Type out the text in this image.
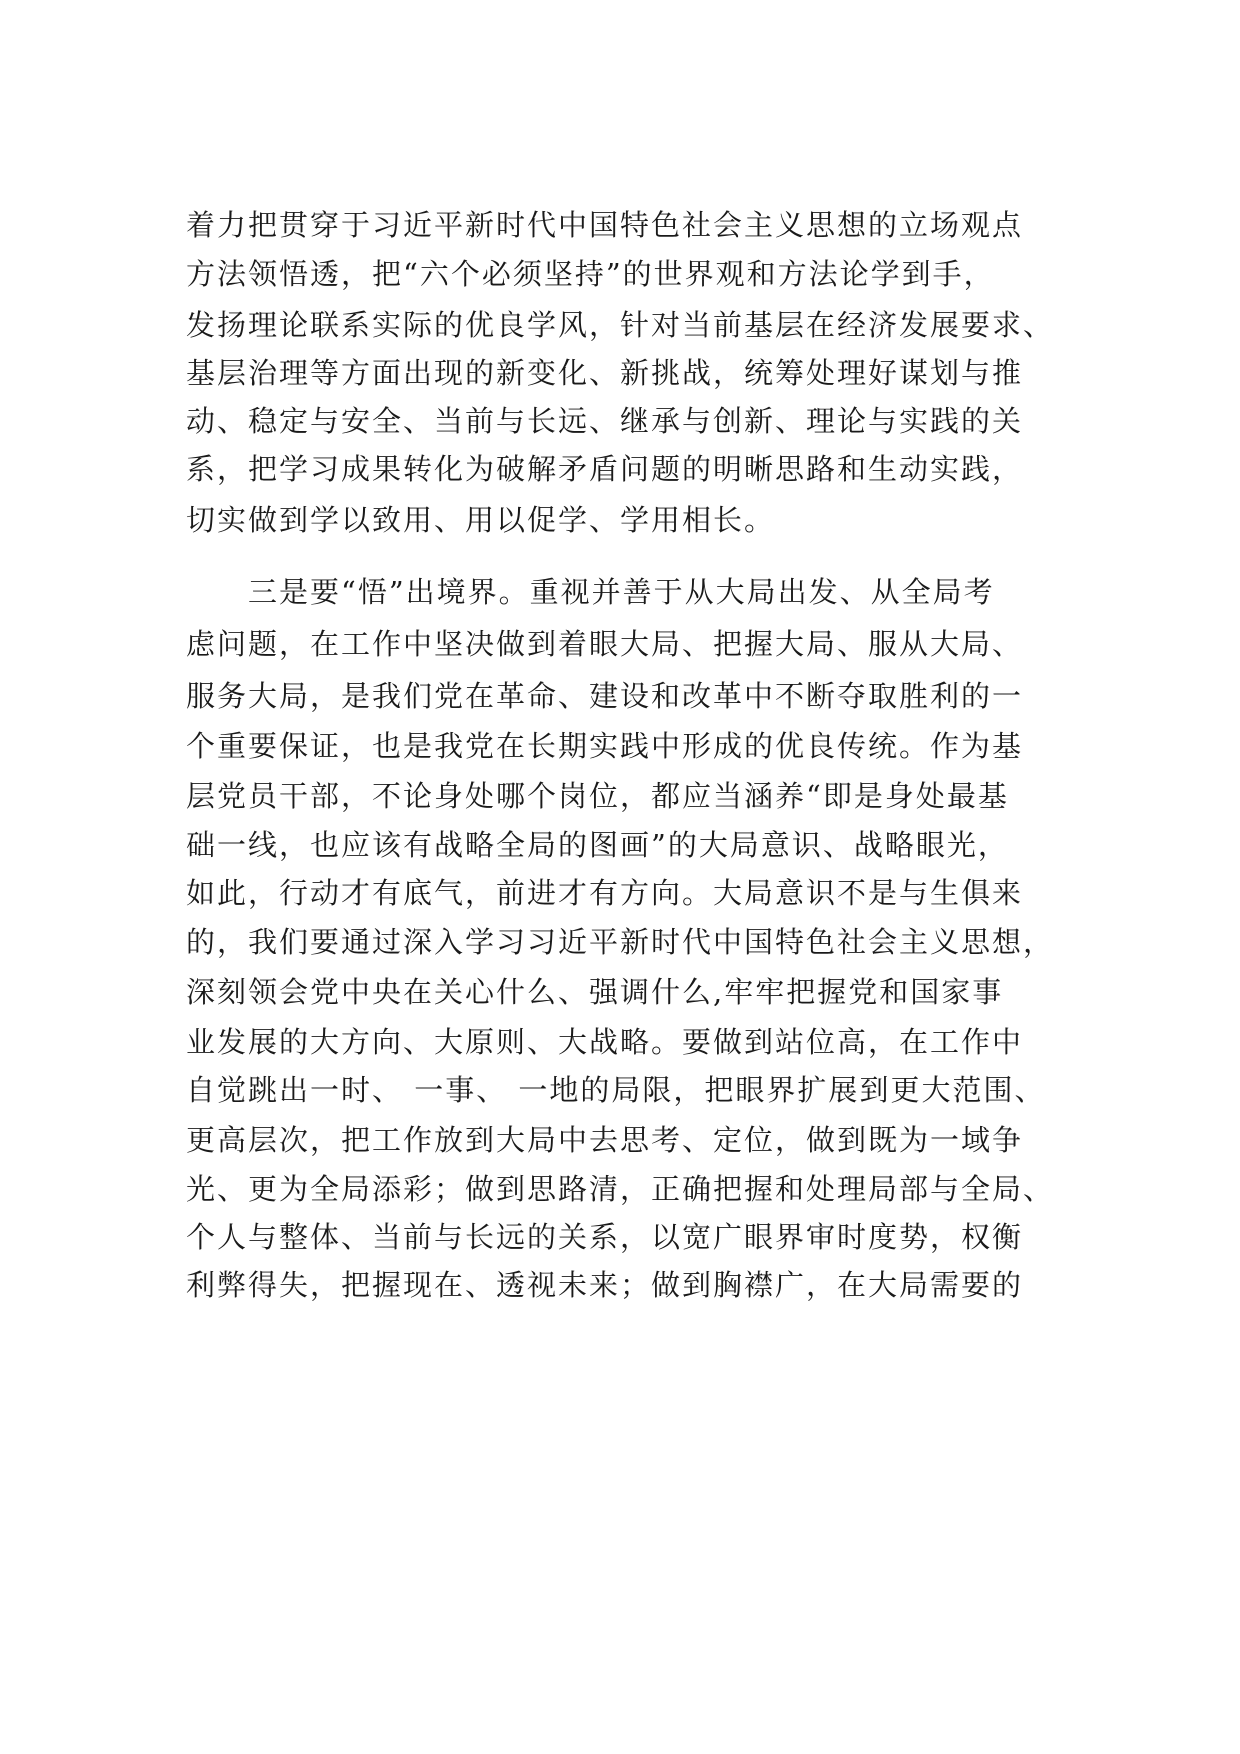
着力把贯穿于习近平新时代中国特色社会主义思想的立场观点
方法领悟透，把“六个必须坚持”的世界观和方法论学到手，
发扬理论联系实际的优良学风，针对当前基层在经济发展要求、
基层治理等方面出现的新变化、新挑战，统筹处理好谋划与推
动、稳定与安全、当前与长远、继承与创新、理论与实践的关
系，把学习成果转化为破解矛盾问题的明晰思路和生动实践，
切实做到学以致用、用以促学、学用相长。
三是要“悟”出境界。重视并善于从大局出发、从全局考
虑问题，在工作中坚决做到着眼大局、把握大局、服从大局、
服务大局，是我们党在革命、建设和改革中不断夺取胜利的一
个重要保证，也是我党在长期实践中形成的优良传统。作为基
层党员干部，不论身处哪个岗位，都应当涵养“即是身处最基
础一线，也应该有战略全局的图画”的大局意识、战略眼光，
如此，行动才有底气，前进才有方向。大局意识不是与生俱来
的，我们要通过深入学习习近平新时代中国特色社会主义思想，
深刻领会党中央在关心什么、强调什么,牢牢把握党和国家事
业发展的大方向、大原则、大战略。要做到站位高，在工作中
自觉跳出一时、 一事、 一地的局限，把眼界扩展到更大范围、
更高层次，把工作放到大局中去思考、定位，做到既为一域争
光、更为全局添彩；做到思路清，正确把握和处理局部与全局、
个人与整体、当前与长远的关系，以宽广眼界审时度势，权衡
利弊得失，把握现在、透视未来；做到胸襟广，在大局需要的
